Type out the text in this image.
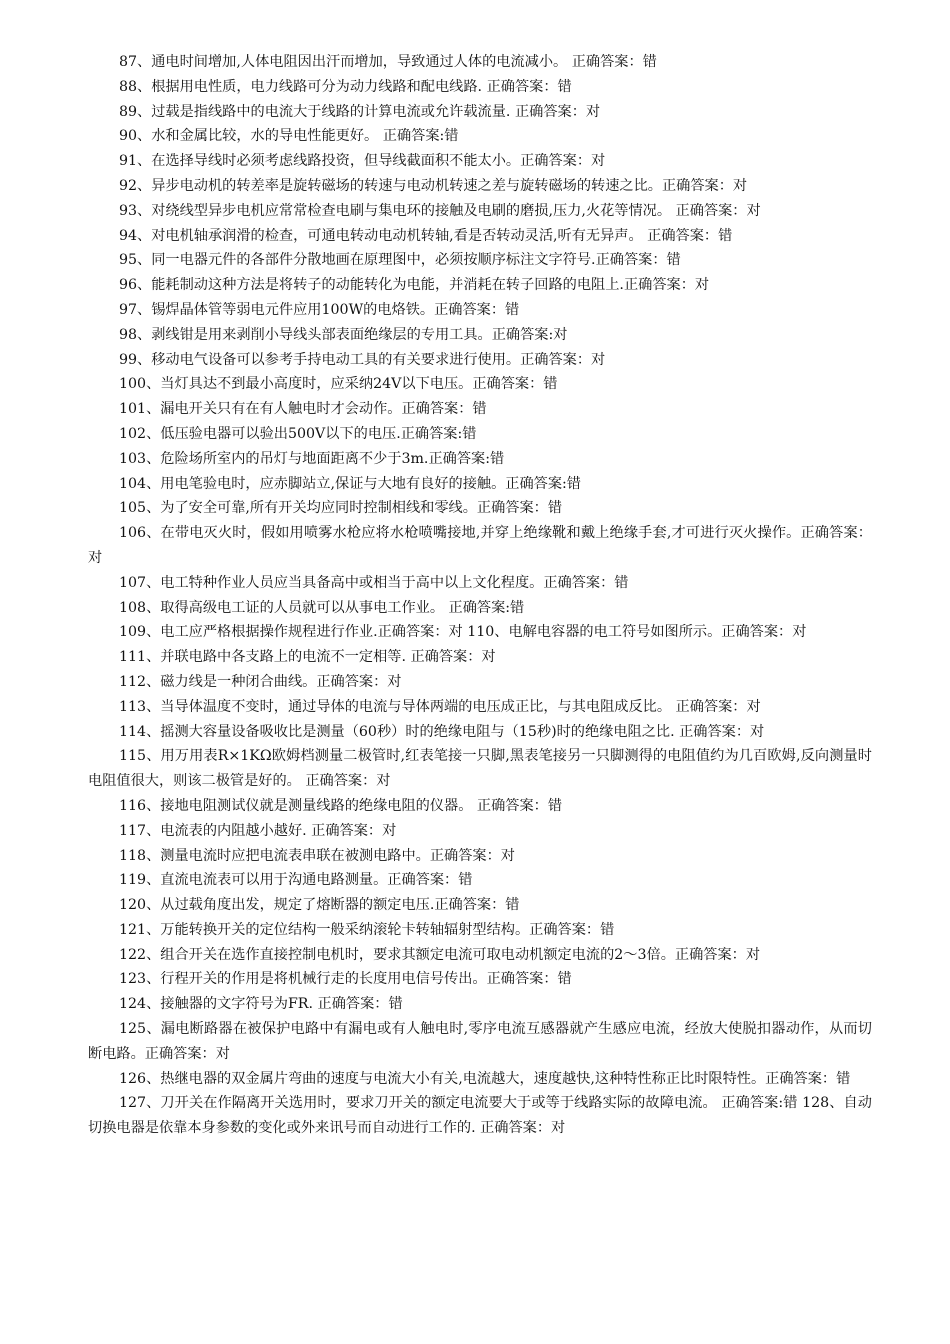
87、通电时间增加,人体电阻因出汗而增加，导致通过人体的电流减小。 正确答案：错

88、根据用电性质，电力线路可分为动力线路和配电线路. 正确答案：错

89、过载是指线路中的电流大于线路的计算电流或允许载流量. 正确答案：对

90、水和金属比较，水的导电性能更好。 正确答案:错

91、在选择导线时必须考虑线路投资，但导线截面积不能太小。正确答案：对

92、异步电动机的转差率是旋转磁场的转速与电动机转速之差与旋转磁场的转速之比。正确答案：对

93、对绕线型异步电机应常常检查电刷与集电环的接触及电刷的磨损,压力,火花等情况。 正确答案：对

94、对电机轴承润滑的检查，可通电转动电动机转轴,看是否转动灵活,听有无异声。 正确答案：错

95、同一电器元件的各部件分散地画在原理图中，必须按顺序标注文字符号.正确答案：错

96、能耗制动这种方法是将转子的动能转化为电能，并消耗在转子回路的电阻上.正确答案：对

97、锡焊晶体管等弱电元件应用100W的电烙铁。正确答案：错

98、剥线钳是用来剥削小导线头部表面绝缘层的专用工具。正确答案:对

99、移动电气设备可以参考手持电动工具的有关要求进行使用。正确答案：对

100、当灯具达不到最小高度时，应采纳24V以下电压。正确答案：错

101、漏电开关只有在有人触电时才会动作。正确答案：错

102、低压验电器可以验出500V以下的电压.正确答案:错

103、危险场所室内的吊灯与地面距离不少于3m.正确答案:错

104、用电笔验电时，应赤脚站立,保证与大地有良好的接触。正确答案:错

105、为了安全可靠,所有开关均应同时控制相线和零线。正确答案：错

106、在带电灭火时，假如用喷雾水枪应将水枪喷嘴接地,并穿上绝缘靴和戴上绝缘手套,才可进行灭火操作。正确答案：对

107、电工特种作业人员应当具备高中或相当于高中以上文化程度。正确答案：错

108、取得高级电工证的人员就可以从事电工作业。 正确答案:错

109、电工应严格根据操作规程进行作业.正确答案：对 110、电解电容器的电工符号如图所示。正确答案：对

111、并联电路中各支路上的电流不一定相等. 正确答案：对

112、磁力线是一种闭合曲线。正确答案：对

113、当导体温度不变时，通过导体的电流与导体两端的电压成正比，与其电阻成反比。 正确答案：对

114、摇测大容量设备吸收比是测量（60秒）时的绝缘电阻与（15秒)时的绝缘电阻之比. 正确答案：对

115、用万用表R×1KΩ欧姆档测量二极管时,红表笔接一只脚,黑表笔接另一只脚测得的电阻值约为几百欧姆,反向测量时电阻值很大，则该二极管是好的。 正确答案：对

116、接地电阻测试仪就是测量线路的绝缘电阻的仪器。 正确答案：错

117、电流表的内阻越小越好. 正确答案：对

118、测量电流时应把电流表串联在被测电路中。正确答案：对

119、直流电流表可以用于沟通电路测量。正确答案：错

120、从过载角度出发，规定了熔断器的额定电压.正确答案：错

121、万能转换开关的定位结构一般采纳滚轮卡转轴辐射型结构。正确答案：错

122、组合开关在选作直接控制电机时，要求其额定电流可取电动机额定电流的2～3倍。正确答案：对

123、行程开关的作用是将机械行走的长度用电信号传出。正确答案：错

124、接触器的文字符号为FR. 正确答案：错

125、漏电断路器在被保护电路中有漏电或有人触电时,零序电流互感器就产生感应电流，经放大使脱扣器动作，从而切断电路。正确答案：对

126、热继电器的双金属片弯曲的速度与电流大小有关,电流越大，速度越快,这种特性称正比时限特性。正确答案：错

127、刀开关在作隔离开关选用时，要求刀开关的额定电流要大于或等于线路实际的故障电流。 正确答案:错 128、自动切换电器是依靠本身参数的变化或外来讯号而自动进行工作的. 正确答案：对
